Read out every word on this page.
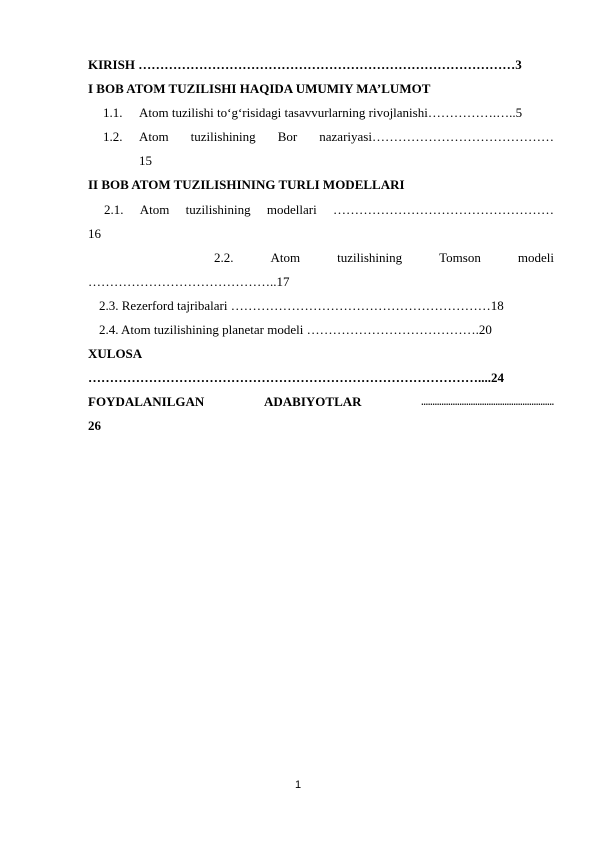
KIRISH ……………………………………………………………………………3
I BOB ATOM TUZILISHI HAQIDA UMUMIY MA’LUMOT
1.1. Atom tuzilishi to‘g‘risidagi tasavvurlarning rivojlanishi…………….…..5
1.2. Atom tuzilishining Bor nazariyasi……………………………………
15
II BOB ATOM TUZILISHINING TURLI MODELLARI
2.1. Atom tuzilishining modellari ……………………………………………
16
2.2.	Atom	tuzilishining	Tomson	modeli
……………………………………..17
2.3. Rezerford tajribalari ……………………………………………………18
2.4. Atom tuzilishining planetar modeli ………………………………….20
XULOSA
………………………………………………………………………………....24
FOYDALANILGAN	ADABIYOTLAR	...........................................................
26
1
